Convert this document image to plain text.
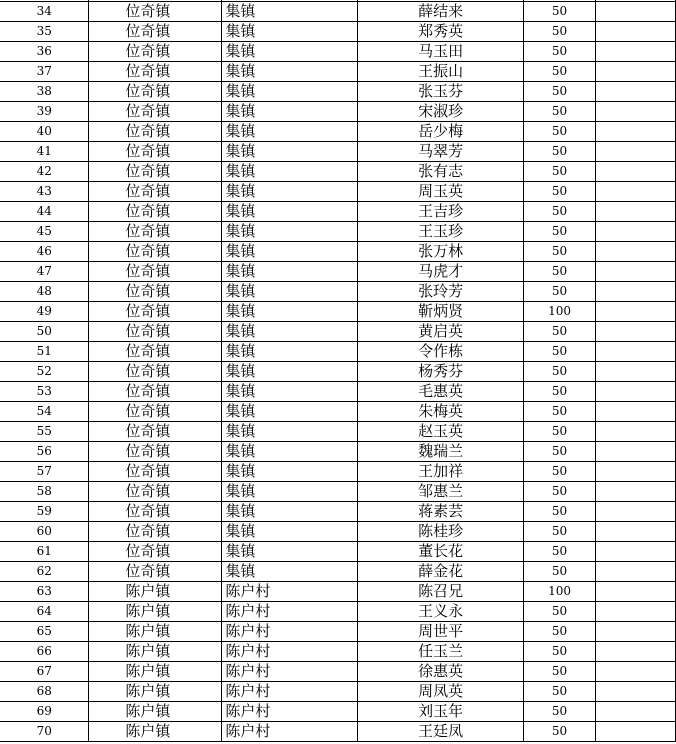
34	位奇镇	集镇	薛结来	50	
35	位奇镇	集镇	郑秀英	50	
36	位奇镇	集镇	马玉田	50	
37	位奇镇	集镇	王振山	50	
38	位奇镇	集镇	张玉芬	50	
39	位奇镇	集镇	宋淑珍	50	
40	位奇镇	集镇	岳少梅	50	
41	位奇镇	集镇	马翠芳	50	
42	位奇镇	集镇	张有志	50	
43	位奇镇	集镇	周玉英	50	
44	位奇镇	集镇	王吉珍	50	
45	位奇镇	集镇	王玉珍	50	
46	位奇镇	集镇	张万林	50	
47	位奇镇	集镇	马虎才	50	
48	位奇镇	集镇	张玲芳	50	
49	位奇镇	集镇	靳炳贤	100	
50	位奇镇	集镇	黄启英	50	
51	位奇镇	集镇	令作栋	50	
52	位奇镇	集镇	杨秀芬	50	
53	位奇镇	集镇	毛惠英	50	
54	位奇镇	集镇	朱梅英	50	
55	位奇镇	集镇	赵玉英	50	
56	位奇镇	集镇	魏瑞兰	50	
57	位奇镇	集镇	王加祥	50	
58	位奇镇	集镇	邹惠兰	50	
59	位奇镇	集镇	蒋素芸	50	
60	位奇镇	集镇	陈桂珍	50	
61	位奇镇	集镇	董长花	50	
62	位奇镇	集镇	薛金花	50	
63	陈户镇	陈户村	陈召兄	100	
64	陈户镇	陈户村	王义永	50	
65	陈户镇	陈户村	周世平	50	
66	陈户镇	陈户村	任玉兰	50	
67	陈户镇	陈户村	徐惠英	50	
68	陈户镇	陈户村	周凤英	50	
69	陈户镇	陈户村	刘玉年	50	
70	陈户镇	陈户村	王廷凤	50	
